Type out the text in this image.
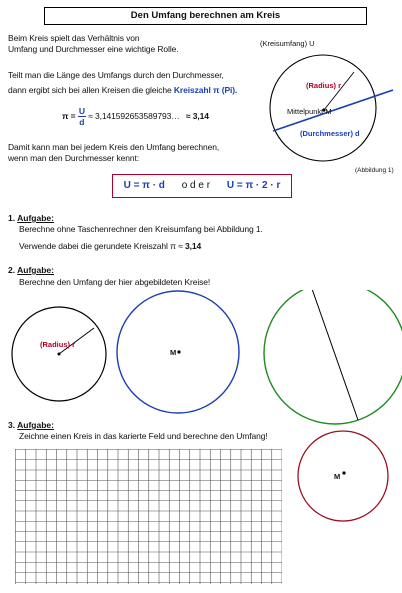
Den Umfang berechnen am Kreis
Beim Kreis spielt das Verhältnis von
Umfang und Durchmesser eine wichtige Rolle.
Teilt man die Länge des Umfangs durch den Durchmesser,
dann ergibt sich bei allen Kreisen die gleiche Kreiszahl π (Pi).
$\pi = \frac{U}{d}$ ≈ 3,141592653589793… ≈ 3,14
Damit kann man bei jedem Kreis den Umfang berechnen,
wenn man den Durchmesser kennt:
U = π · d o d e r U = π · 2 · r
(Kreisumfang) U
(Radius) r
Mittelpunkt M
(Durchmesser) d
(Abbildung 1)
1. Aufgabe:
Berechne ohne Taschenrechner den Kreisumfang bei Abbildung 1.
Verwende dabei die gerundete Kreiszahl π ≈ 3,14
2. Aufgabe:
Berechne den Umfang der hier abgebildeten Kreise!
(Radius) r
M
3. Aufgabe:
Zeichne einen Kreis in das karierte Feld und berechne den Umfang!
M
